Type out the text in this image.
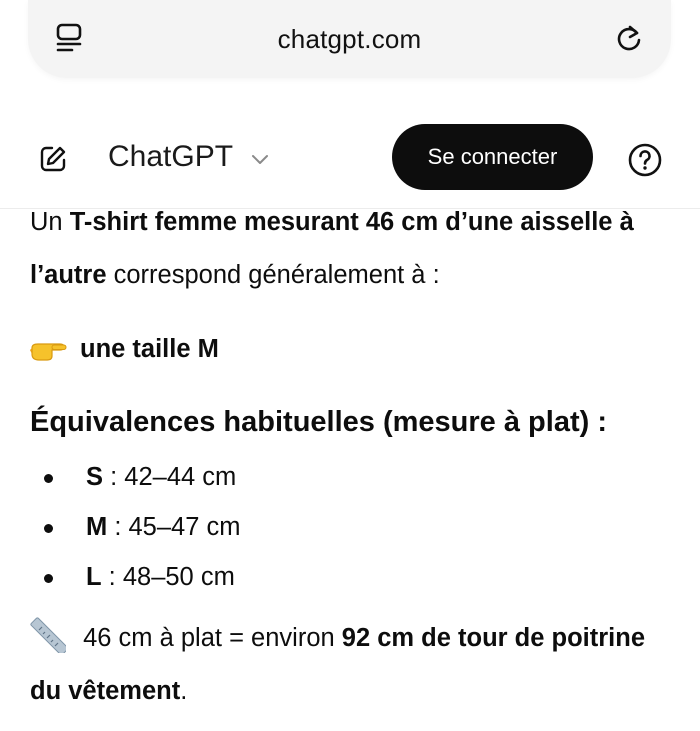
chatgpt.com
ChatGPT	Se connecter

Un T-shirt femme mesurant 46 cm d’une aisselle à l’autre correspond généralement à :

une taille M
Équivalences habituelles (mesure à plat) :
S : 42–44 cm
M : 45–47 cm
L : 48–50 cm

46 cm à plat = environ 92 cm de tour de poitrine du vêtement.
